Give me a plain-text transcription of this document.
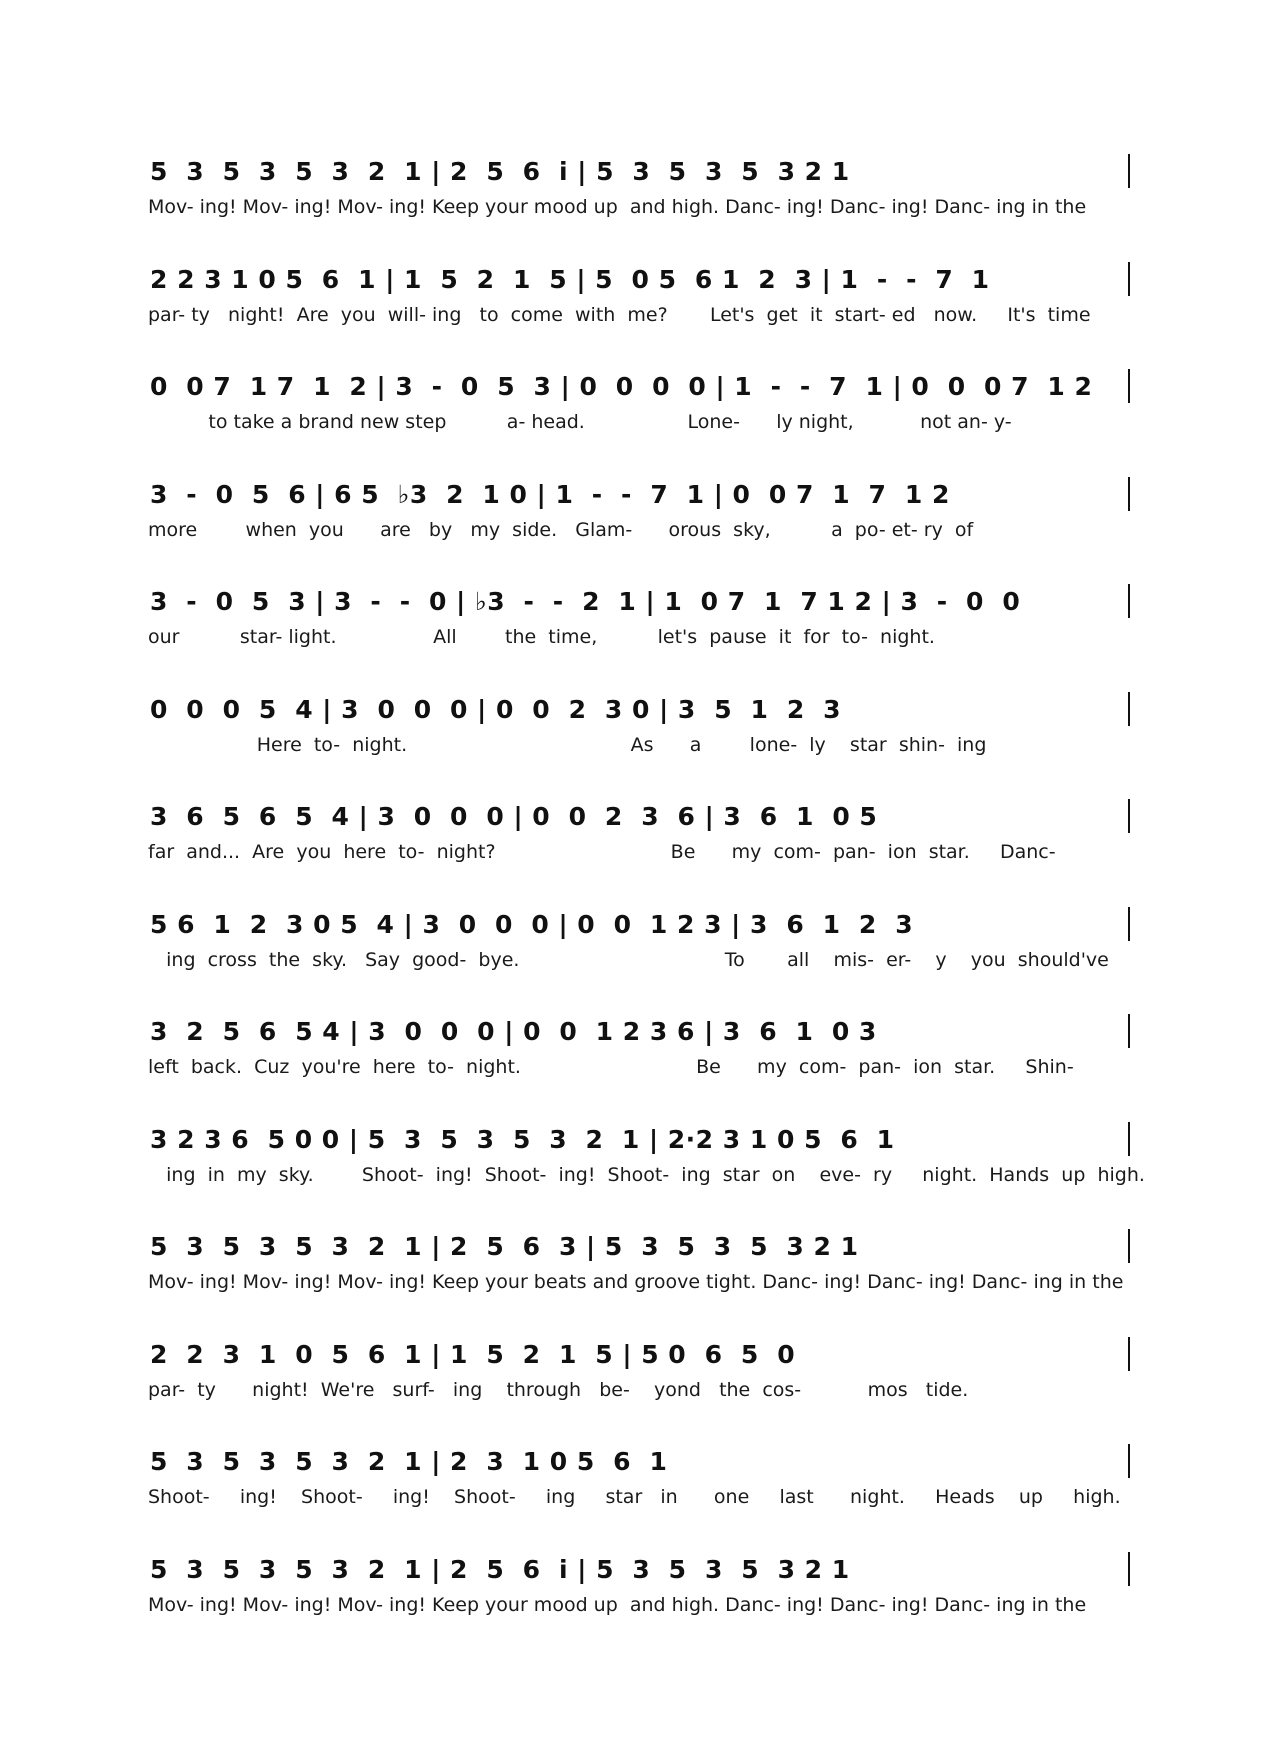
5  3  5  3  5  3  2  1 | 2  5  6  i | 5  3  5  3  5  3 2 1
Mov- ing! Mov- ing! Mov- ing! Keep your mood up  and high. Danc- ing! Danc- ing! Danc- ing in the
2 2 3 1 0 5  6  1 | 1  5  2  1  5 | 5  0 5  6 1  2  3 | 1  -  -  7  1
par- ty   night!  Are  you  will- ing   to  come  with  me?       Let's  get  it  start- ed   now.     It's  time
0  0 7  1 7  1  2 | 3  -  0  5  3 | 0  0  0  0 | 1  -  -  7  1 | 0  0  0 7  1 2
to take a brand new step          a- head.                 Lone-      ly night,           not an- y-
3  -  0  5  6 | 6 5  ♭3  2  1 0 | 1  -  -  7  1 | 0  0 7  1  7  1 2
more        when  you      are   by   my  side.   Glam-      orous  sky,          a  po- et- ry  of
3  -  0  5  3 | 3  -  -  0 | ♭3  -  -  2  1 | 1  0 7  1  7 1 2 | 3  -  0  0
our          star- light.                All        the  time,          let's  pause  it  for  to-  night.
0  0  0  5  4 | 3  0  0  0 | 0  0  2  3 0 | 3  5  1  2  3
Here  to-  night.                                     As      a        lone-  ly    star  shin-  ing
3  6  5  6  5  4 | 3  0  0  0 | 0  0  2  3  6 | 3  6  1  0 5
far  and...  Are  you  here  to-  night?                             Be      my  com-  pan-  ion  star.     Danc-
5 6  1  2  3 0 5  4 | 3  0  0  0 | 0  0  1 2 3 | 3  6  1  2  3
ing  cross  the  sky.   Say  good-  bye.                                  To       all    mis-  er-    y    you  should've
3  2  5  6  5 4 | 3  0  0  0 | 0  0  1 2 3 6 | 3  6  1  0 3
left  back.  Cuz  you're  here  to-  night.                             Be      my  com-  pan-  ion  star.     Shin-
3 2 3 6  5 0 0 | 5  3  5  3  5  3  2  1 | 2·2 3 1 0 5  6  1
ing  in  my  sky.        Shoot-  ing!  Shoot-  ing!  Shoot-  ing  star  on    eve-  ry     night.  Hands  up  high.
5  3  5  3  5  3  2  1 | 2  5  6  3 | 5  3  5  3  5  3 2 1
Mov- ing! Mov- ing! Mov- ing! Keep your beats and groove tight. Danc- ing! Danc- ing! Danc- ing in the
2  2  3  1  0  5  6  1 | 1  5  2  1  5 | 5 0  6  5  0
par-  ty      night!  We're   surf-   ing    through   be-    yond   the  cos-           mos   tide.
5  3  5  3  5  3  2  1 | 2  3  1 0 5  6  1
Shoot-     ing!    Shoot-     ing!    Shoot-     ing     star   in      one     last      night.     Heads    up     high.
5  3  5  3  5  3  2  1 | 2  5  6  i | 5  3  5  3  5  3 2 1
Mov- ing! Mov- ing! Mov- ing! Keep your mood up  and high. Danc- ing! Danc- ing! Danc- ing in the
